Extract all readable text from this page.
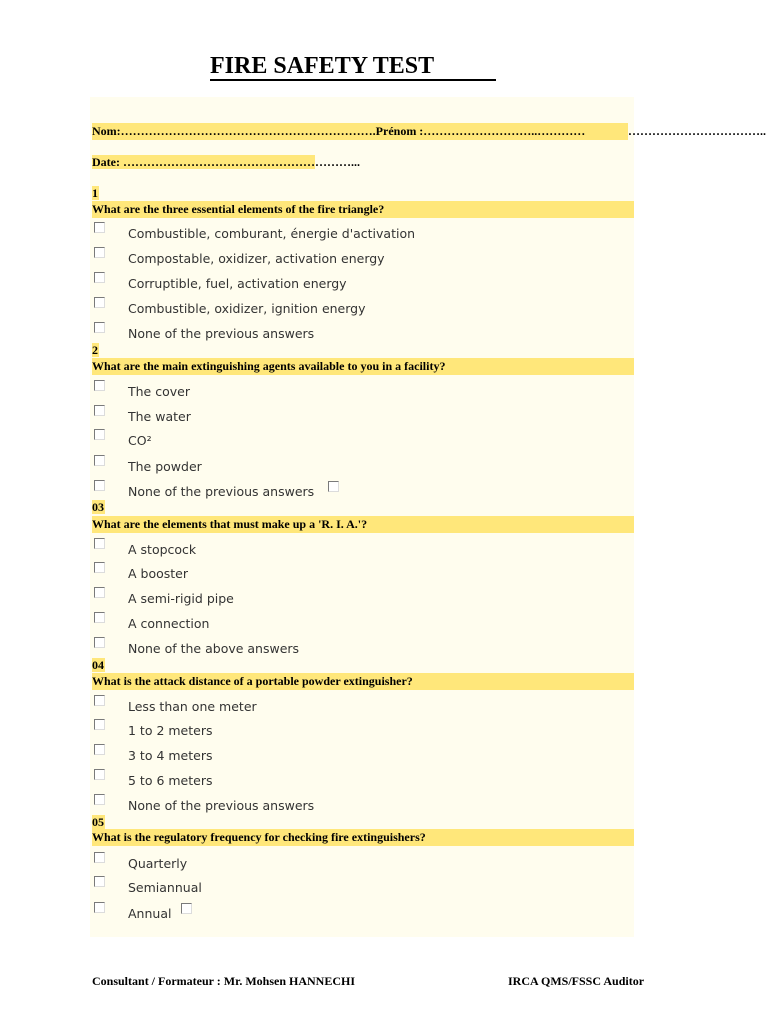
FIRE SAFETY TEST
Nom:……………………………………………………….Prénom :………………………..…………	……………………………..
Date: …………………………………………………...
1
What are the three essential elements of the fire triangle?
Combustible, comburant, énergie d'activation
Compostable, oxidizer, activation energy
Corruptible, fuel, activation energy
Combustible, oxidizer, ignition energy
None of the previous answers
2
What are the main extinguishing agents available to you in a facility?
The cover
The water
CO²
The powder
None of the previous answers
03
What are the elements that must make up a 'R. I. A.'?
A stopcock
A booster
A semi-rigid pipe
A connection
None of the above answers
04
What is the attack distance of a portable powder extinguisher?
Less than one meter
1 to 2 meters
3 to 4 meters
5 to 6 meters
None of the previous answers
05
What is the regulatory frequency for checking fire extinguishers?
Quarterly
Semiannual
Annual
Consultant / Formateur : Mr. Mohsen HANNECHI	IRCA QMS/FSSC Auditor
